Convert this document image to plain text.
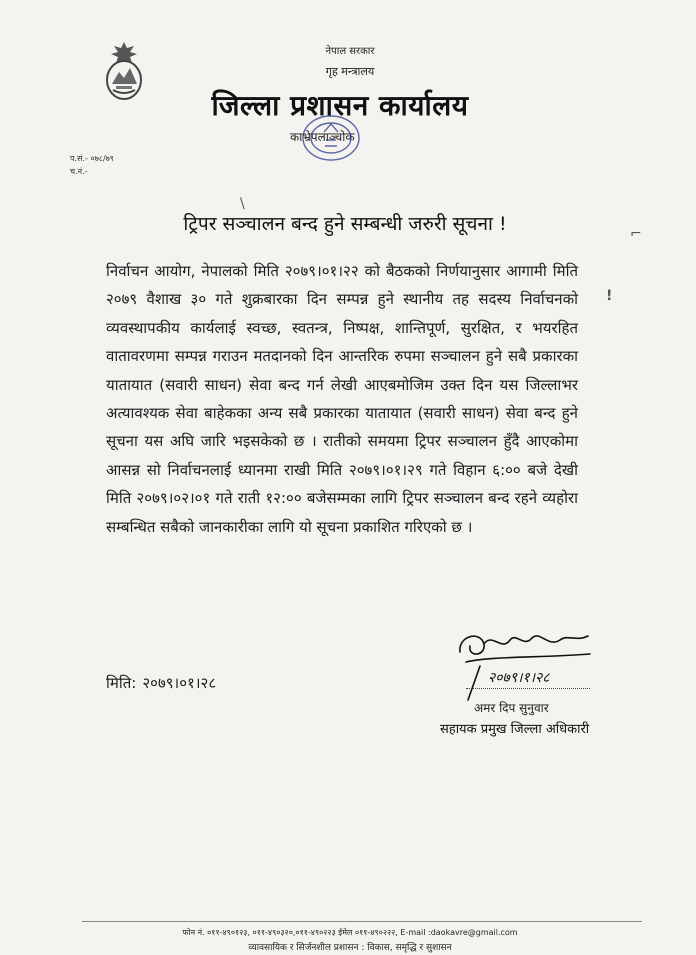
नेपाल सरकार
गृह मन्त्रालय
जिल्ला प्रशासन कार्यालय
काभ्रेपलाञ्चोक
प.सं.- ०७८/७९
च.नं.-
\
!
⌐
ट्रिपर सञ्चालन बन्द हुने सम्बन्धी जरुरी सूचना !
निर्वाचन आयोग, नेपालको मिति २०७९।०१।२२ को बैठकको निर्णयानुसार आगामी मिति २०७९ वैशाख ३० गते शुक्रबारका दिन सम्पन्न हुने स्थानीय तह सदस्य निर्वाचनको व्यवस्थापकीय कार्यलाई स्वच्छ, स्वतन्त्र, निष्पक्ष, शान्तिपूर्ण, सुरक्षित, र भयरहित वातावरणमा सम्पन्न गराउन मतदानको दिन आन्तरिक रुपमा सञ्चालन हुने सबै प्रकारका यातायात (सवारी साधन) सेवा बन्द गर्न लेखी आएबमोजिम उक्त दिन यस जिल्लाभर अत्यावश्यक सेवा बाहेकका अन्य सबै प्रकारका यातायात (सवारी साधन) सेवा बन्द हुने सूचना यस अघि जारि भइसकेको छ । रातीको समयमा ट्रिपर सञ्चालन हुँदै आएकोमा आसन्न सो निर्वाचनलाई ध्यानमा राखी मिति २०७९।०१।२९ गते विहान ६:०० बजे देखी मिति २०७९।०२।०१ गते राती १२:०० बजेसम्मका लागि ट्रिपर सञ्चालन बन्द रहने व्यहोरा सम्बन्धित सबैको जानकारीका लागि यो सूचना प्रकाशित गरिएको छ ।
मिति: २०७९।०१।२८	२०७९।१।२८
अमर दिप सुनुवार
सहायक प्रमुख जिल्ला अधिकारी
फोन नं. ०११-४९०१२३, ०११-४९०३२०,०११-४९०२२३ ईमेल ०११-४९०२२२, E-mail :daokavre@gmail.com
व्यावसायिक र सिर्जनशील प्रशासन : विकास, समृद्धि र सुशासन
